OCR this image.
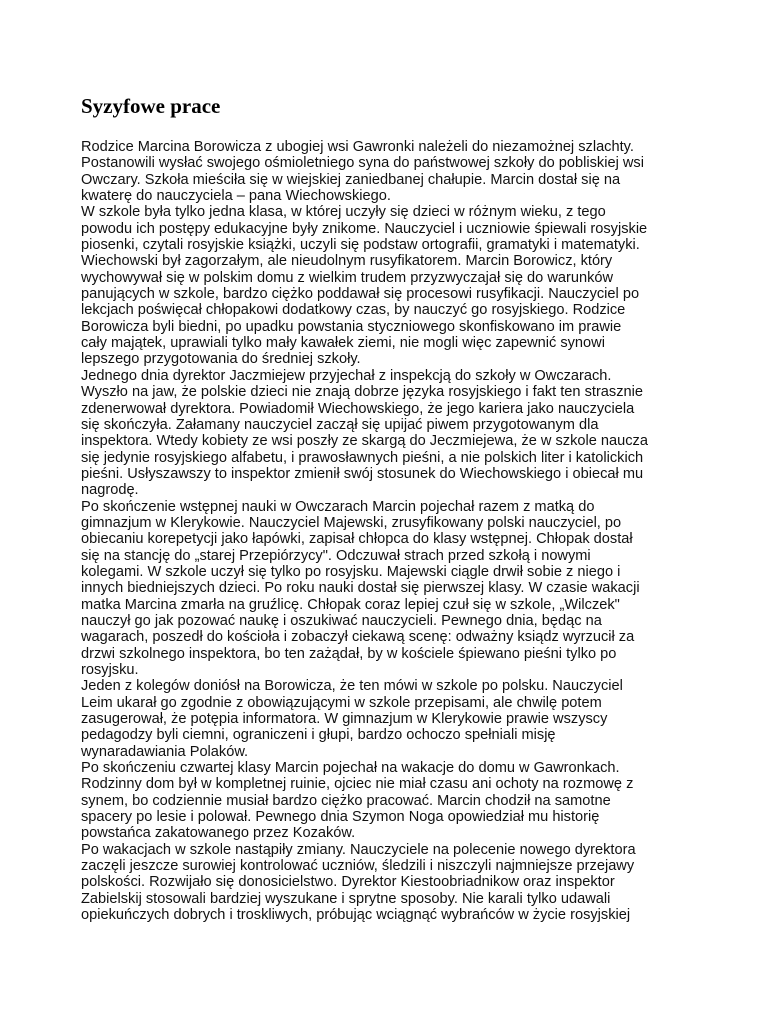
Syzyfowe prace
Rodzice Marcina Borowicza z ubogiej wsi Gawronki należeli do niezamożnej szlachty.
Postanowili wysłać swojego ośmioletniego syna do państwowej szkoły do pobliskiej wsi
Owczary. Szkoła mieściła się w wiejskiej zaniedbanej chałupie. Marcin dostał się na
kwaterę do nauczyciela – pana Wiechowskiego.
W szkole była tylko jedna klasa, w której uczyły się dzieci w różnym wieku, z tego
powodu ich postępy edukacyjne były znikome. Nauczyciel i uczniowie śpiewali rosyjskie
piosenki, czytali rosyjskie książki, uczyli się podstaw ortografii, gramatyki i matematyki.
Wiechowski był zagorzałym, ale nieudolnym rusyfikatorem. Marcin Borowicz, który
wychowywał się w polskim domu z wielkim trudem przyzwyczajał się do warunków
panujących w szkole, bardzo ciężko poddawał się procesowi rusyfikacji. Nauczyciel po
lekcjach poświęcał chłopakowi dodatkowy czas, by nauczyć go rosyjskiego. Rodzice
Borowicza byli biedni, po upadku powstania styczniowego skonfiskowano im prawie
cały majątek, uprawiali tylko mały kawałek ziemi, nie mogli więc zapewnić synowi
lepszego przygotowania do średniej szkoły.
Jednego dnia dyrektor Jaczmiejew przyjechał z inspekcją do szkoły w Owczarach.
Wyszło na jaw, że polskie dzieci nie znają dobrze języka rosyjskiego i fakt ten strasznie
zdenerwował dyrektora. Powiadomił Wiechowskiego, że jego kariera jako nauczyciela
się skończyła. Załamany nauczyciel zaczął się upijać piwem przygotowanym dla
inspektora. Wtedy kobiety ze wsi poszły ze skargą do Jeczmiejewa, że w szkole naucza
się jedynie rosyjskiego alfabetu, i prawosławnych pieśni, a nie polskich liter i katolickich
pieśni. Usłyszawszy to inspektor zmienił swój stosunek do Wiechowskiego i obiecał mu
nagrodę.
Po skończenie wstępnej nauki w Owczarach Marcin pojechał razem z matką do
gimnazjum w Klerykowie. Nauczyciel Majewski, zrusyfikowany polski nauczyciel, po
obiecaniu korepetycji jako łapówki, zapisał chłopca do klasy wstępnej. Chłopak dostał
się na stancję do „starej Przepiórzycy". Odczuwał strach przed szkołą i nowymi
kolegami. W szkole uczył się tylko po rosyjsku. Majewski ciągle drwił sobie z niego i
innych biedniejszych dzieci. Po roku nauki dostał się pierwszej klasy. W czasie wakacji
matka Marcina zmarła na gruźlicę. Chłopak coraz lepiej czuł się w szkole, „Wilczek"
nauczył go jak pozować naukę i oszukiwać nauczycieli. Pewnego dnia, będąc na
wagarach, poszedł do kościoła i zobaczył ciekawą scenę: odważny ksiądz wyrzucił za
drzwi szkolnego inspektora, bo ten zażądał, by w kościele śpiewano pieśni tylko po
rosyjsku.
Jeden z kolegów doniósł na Borowicza, że ten mówi w szkole po polsku. Nauczyciel
Leim ukarał go zgodnie z obowiązującymi w szkole przepisami, ale chwilę potem
zasugerował, że potępia informatora. W gimnazjum w Klerykowie prawie wszyscy
pedagodzy byli ciemni, ograniczeni i głupi, bardzo ochoczo spełniali misję
wynaradawiania Polaków.
Po skończeniu czwartej klasy Marcin pojechał na wakacje do domu w Gawronkach.
Rodzinny dom był w kompletnej ruinie, ojciec nie miał czasu ani ochoty na rozmowę z
synem, bo codziennie musiał bardzo ciężko pracować. Marcin chodził na samotne
spacery po lesie i polował. Pewnego dnia Szymon Noga opowiedział mu historię
powstańca zakatowanego przez Kozaków.
Po wakacjach w szkole nastąpiły zmiany. Nauczyciele na polecenie nowego dyrektora
zaczęli jeszcze surowiej kontrolować uczniów, śledzili i niszczyli najmniejsze przejawy
polskości. Rozwijało się donosicielstwo. Dyrektor Kiestoobriadnikow oraz inspektor
Zabielskij stosowali bardziej wyszukane i sprytne sposoby. Nie karali tylko udawali
opiekuńczych dobrych i troskliwych, próbując wciągnąć wybrańców w życie rosyjskiej
